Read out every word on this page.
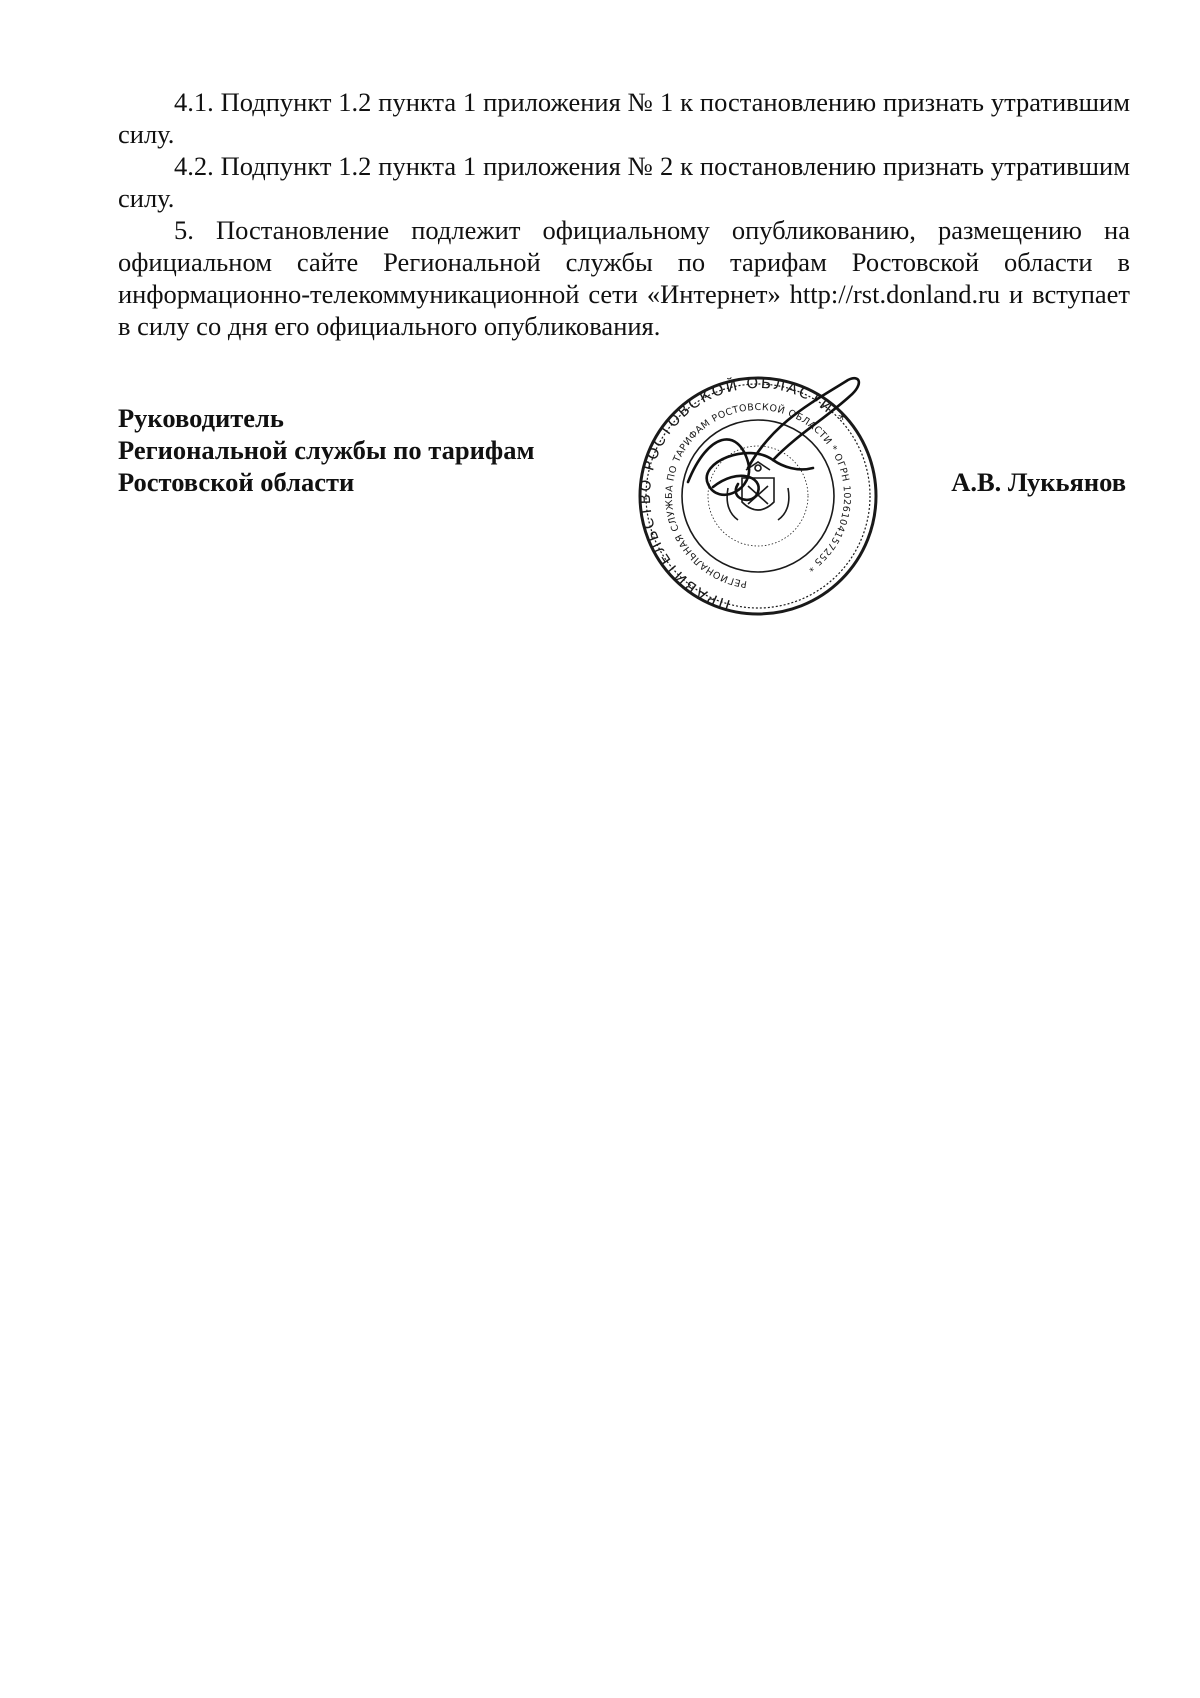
4.1. Подпункт 1.2 пункта 1 приложения № 1 к постановлению признать утратившим силу.

4.2. Подпункт 1.2 пункта 1 приложения № 2 к постановлению признать утратившим силу.

5. Постановление подлежит официальному опубликованию, размещению на официальном сайте Региональной службы по тарифам Ростовской области в информационно-телекоммуникационной сети «Интернет» http://rst.donland.ru и вступает в силу со дня его официального опубликования.

Руководитель
Региональной службы по тарифам
Ростовской области
ПРАВИТЕЛЬСТВО РОСТОВСКОЙ ОБЛАСТИ *
РЕГИОНАЛЬНАЯ СЛУЖБА ПО ТАРИФАМ РОСТОВСКОЙ ОБЛАСТИ * ОГРН 1026104157255 *
А.В. Лукьянов
